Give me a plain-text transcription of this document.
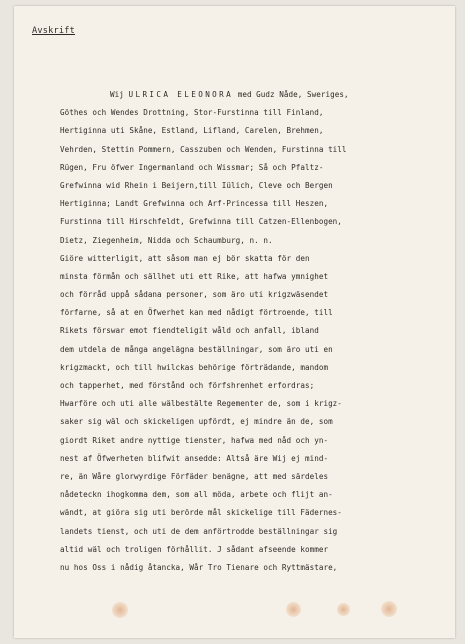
Avskrift
Wij ULRICA ELEONORA med Gudz Nåde, Sweriges,
Göthes och Wendes Drottning, Stor-Furstinna till Finland,
Hertiginna uti Skåne, Estland, Lifland, Carelen, Brehmen,
Vehrden, Stettin Pommern, Casszuben och Wenden, Furstinna till
Rügen, Fru öfwer Ingermanland och Wissmar; Så och Pfaltz-
Grefwinna wid Rhein i Beijern,till Iülich, Cleve och Bergen
Hertiginna; Landt Grefwinna och Arf-Princessa till Heszen,
Furstinna till Hirschfeldt, Grefwinna till Catzen-Ellenbogen,
Dietz, Ziegenheim, Nidda och Schaumburg, n. n.
Giöre witterligit, att såsom man ej bör skatta för den
minsta förmån och sällhet uti ett Rike, att hafwa ymnighet
och förråd uppå sådana personer, som äro uti krigzwäsendet
förfarne, så at en Öfwerhet kan med nådigt förtroende, till
Rikets förswar emot fiendteligit wåld och anfall, ibland
dem utdela de många angelägna beställningar, som äro uti en
krigzmackt, och till hwilckas behörige förträdande, mandom
och tapperhet, med förstånd och förfshrenhet erfordras;
Hwarföre och uti alle wälbestälte Regementer de, som i krigz-
saker sig wäl och skickeligen upfördt, ej mindre än de, som
giordt Riket andre nyttige tienster, hafwa med nåd och yn-
nest af Öfwerheten blifwit ansedde: Altså äre Wij ej mind-
re, än Wåre glorwyrdige Förfäder benägne, att med särdeles
nådeteckn ihogkomma dem, som all möda, arbete och flijt an-
wändt, at giöra sig uti berörde mål skickelige till Fädernes-
landets tienst, och uti de dem anförtrodde beställningar sig
altid wäl och troligen förhållit. J sådant afseende kommer
nu hos Oss i nådig åtancka, Wår Tro Tienare och Ryttmästare,
